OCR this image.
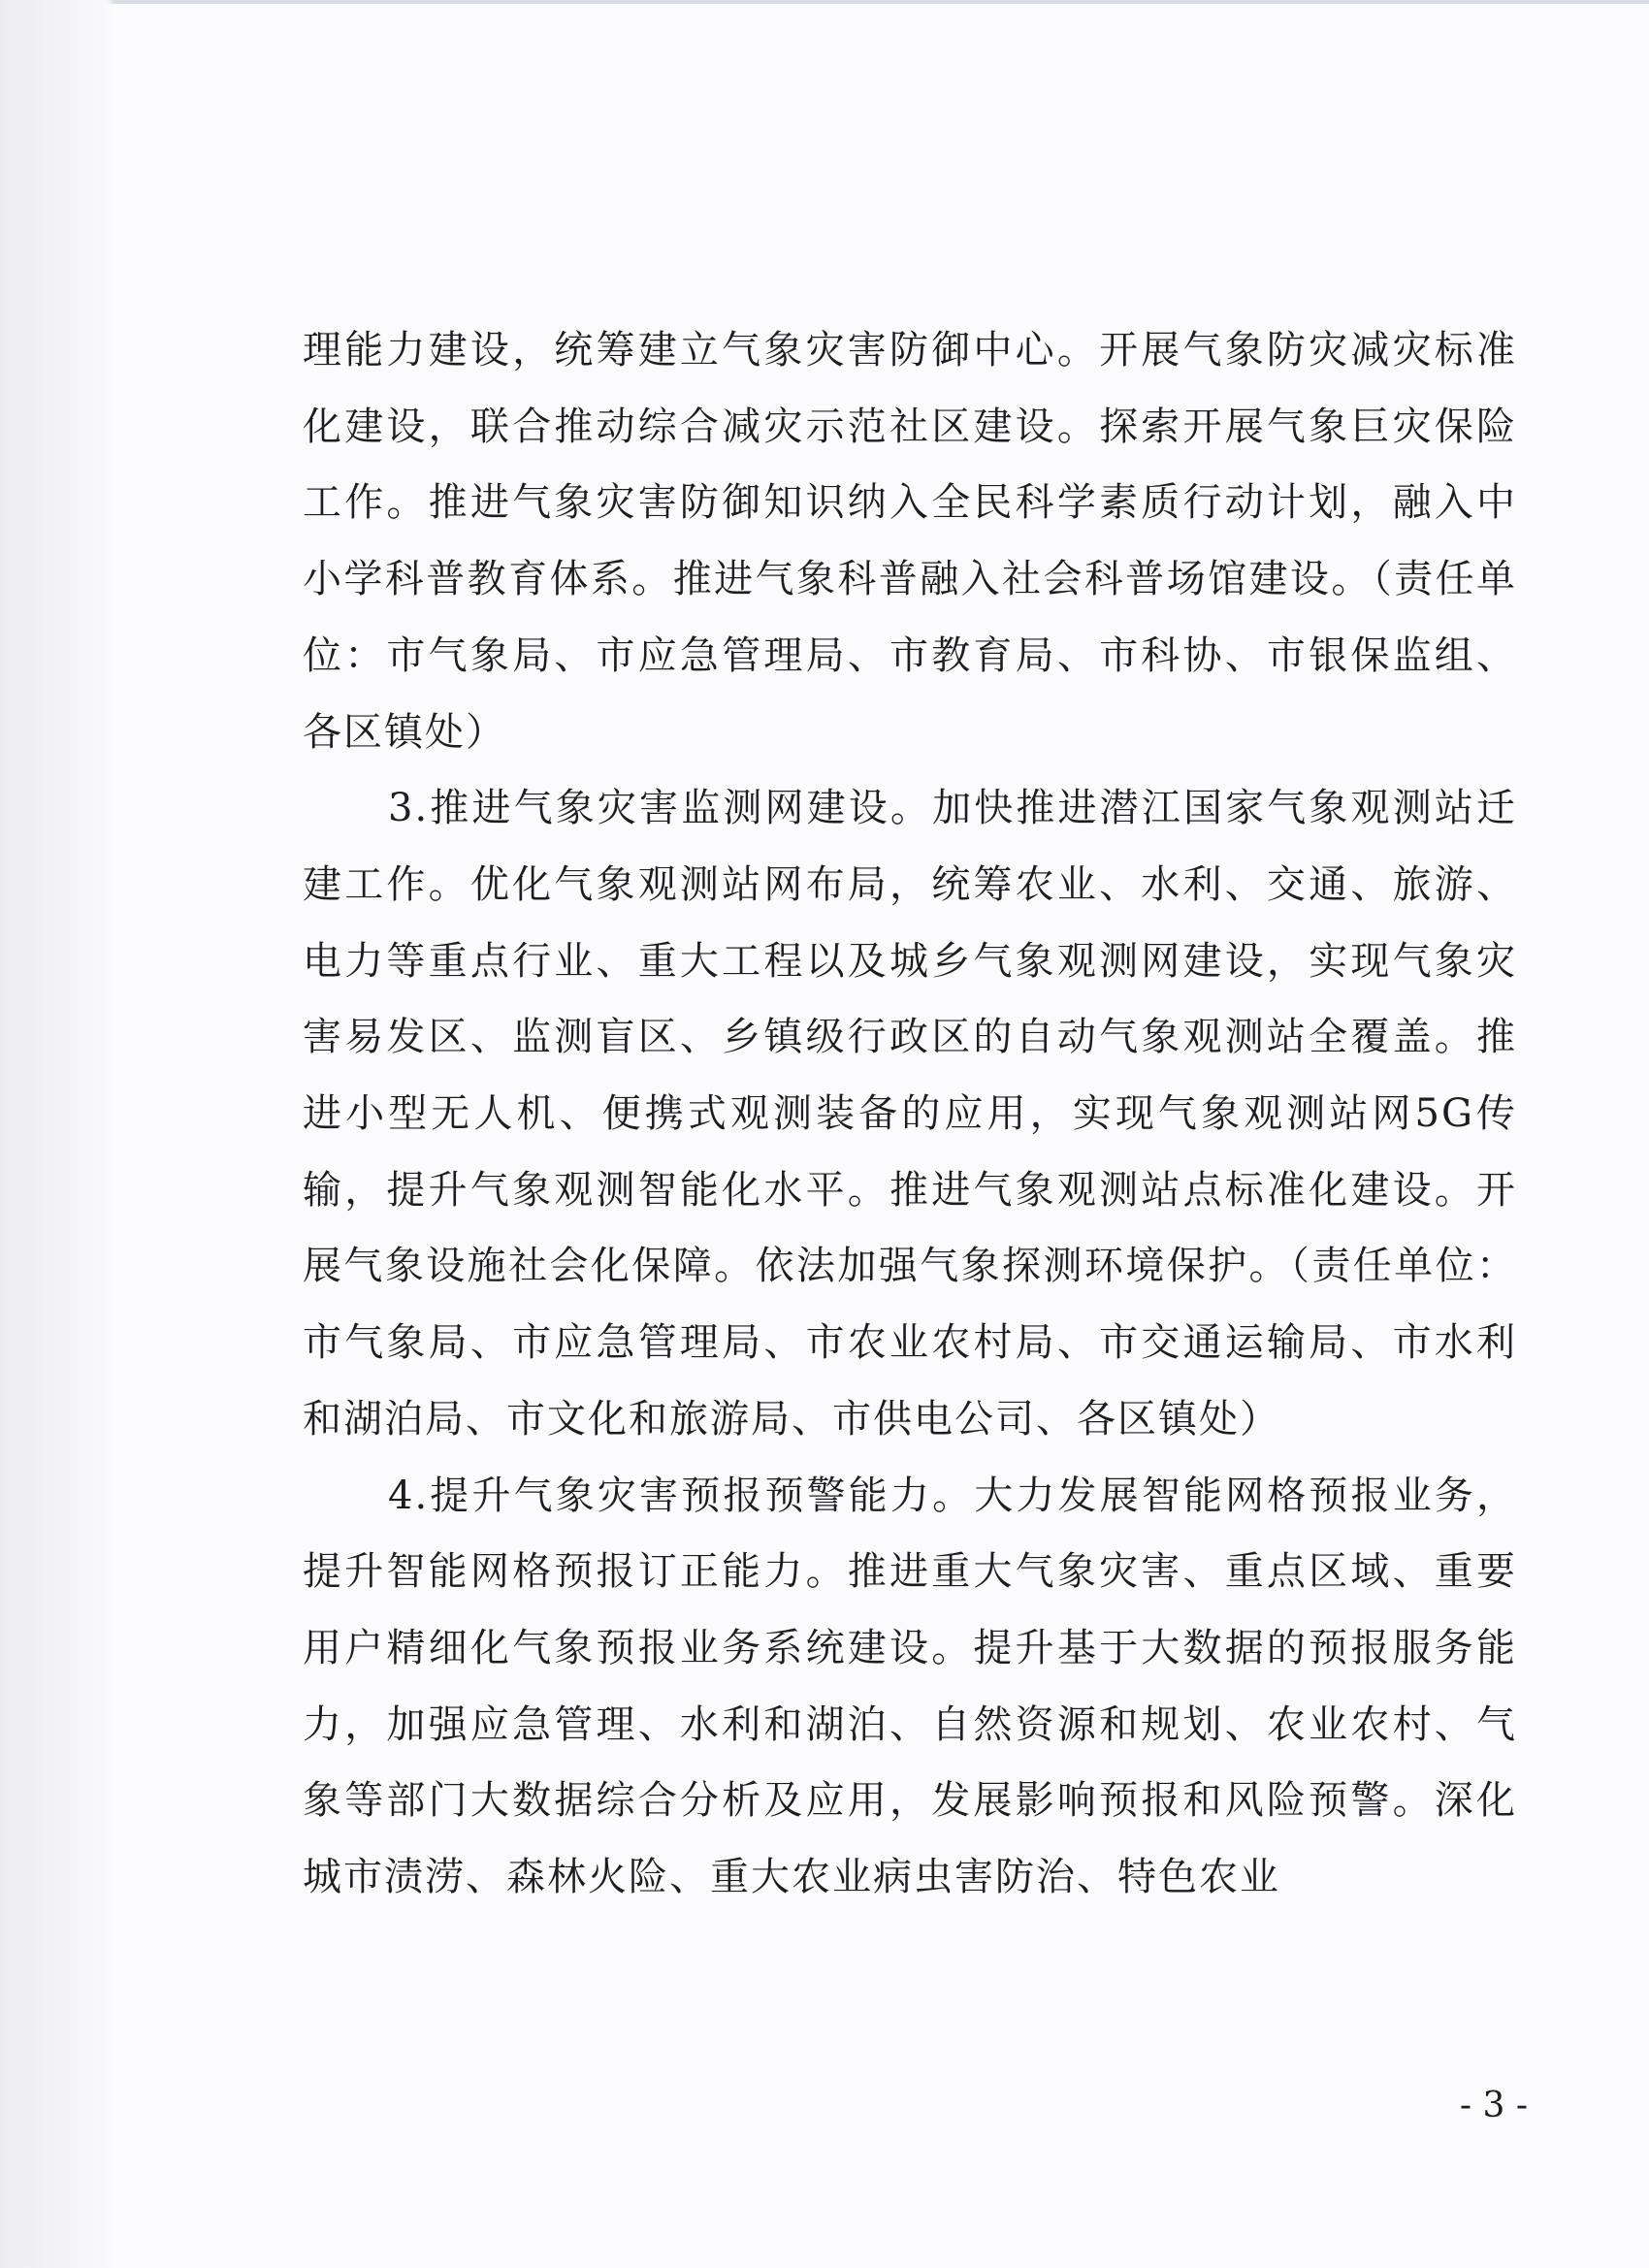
理能力建设，统筹建立气象灾害防御中心。开展气象防灾减灾标准化建设，联合推动综合减灾示范社区建设。探索开展气象巨灾保险工作。推进气象灾害防御知识纳入全民科学素质行动计划，融入中小学科普教育体系。推进气象科普融入社会科普场馆建设。（责任单位：市气象局、市应急管理局、市教育局、市科协、市银保监组、各区镇处）

3.推进气象灾害监测网建设。加快推进潜江国家气象观测站迁建工作。优化气象观测站网布局，统筹农业、水利、交通、旅游、电力等重点行业、重大工程以及城乡气象观测网建设，实现气象灾害易发区、监测盲区、乡镇级行政区的自动气象观测站全覆盖。推进小型无人机、便携式观测装备的应用，实现气象观测站网5G传输，提升气象观测智能化水平。推进气象观测站点标准化建设。开展气象设施社会化保障。依法加强气象探测环境保护。（责任单位：市气象局、市应急管理局、市农业农村局、市交通运输局、市水利和湖泊局、市文化和旅游局、市供电公司、各区镇处）

4.提升气象灾害预报预警能力。大力发展智能网格预报业务，提升智能网格预报订正能力。推进重大气象灾害、重点区域、重要用户精细化气象预报业务系统建设。提升基于大数据的预报服务能力，加强应急管理、水利和湖泊、自然资源和规划、农业农村、气象等部门大数据综合分析及应用，发展影响预报和风险预警。深化城市渍涝、森林火险、重大农业病虫害防治、特色农业

- 3 -
